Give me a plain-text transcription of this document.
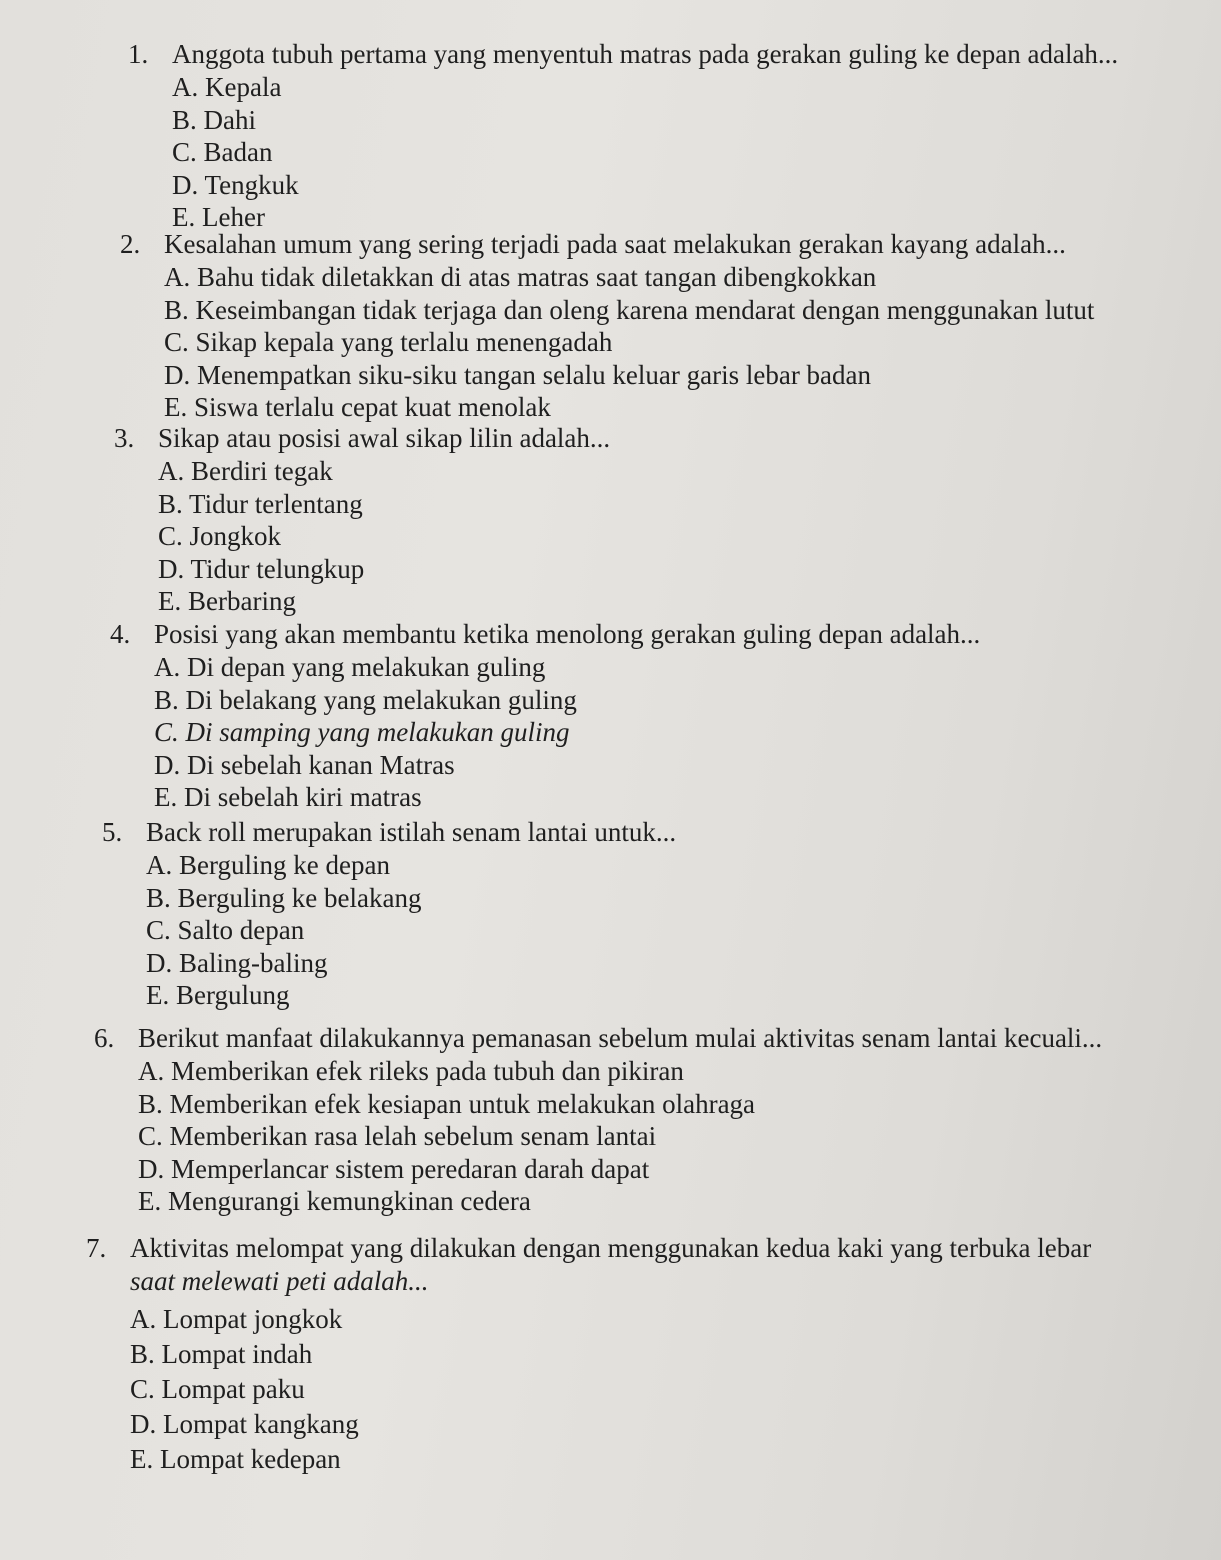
1. Anggota tubuh pertama yang menyentuh matras pada gerakan guling ke depan adalah...
A. Kepala
B. Dahi
C. Badan
D. Tengkuk
E. Leher
2. Kesalahan umum yang sering terjadi pada saat melakukan gerakan kayang adalah...
A. Bahu tidak diletakkan di atas matras saat tangan dibengkokkan
B. Keseimbangan tidak terjaga dan oleng karena mendarat dengan menggunakan lutut
C. Sikap kepala yang terlalu menengadah
D. Menempatkan siku-siku tangan selalu keluar garis lebar badan
E. Siswa terlalu cepat kuat menolak
3. Sikap atau posisi awal sikap lilin adalah...
A. Berdiri tegak
B. Tidur terlentang
C. Jongkok
D. Tidur telungkup
E. Berbaring
4. Posisi yang akan membantu ketika menolong gerakan guling depan adalah...
A. Di depan yang melakukan guling
B. Di belakang yang melakukan guling
C. Di samping yang melakukan guling
D. Di sebelah kanan Matras
E. Di sebelah kiri matras
5. Back roll merupakan istilah senam lantai untuk...
A. Berguling ke depan
B. Berguling ke belakang
C. Salto depan
D. Baling-baling
E. Bergulung
6. Berikut manfaat dilakukannya pemanasan sebelum mulai aktivitas senam lantai kecuali...
A. Memberikan efek rileks pada tubuh dan pikiran
B. Memberikan efek kesiapan untuk melakukan olahraga
C. Memberikan rasa lelah sebelum senam lantai
D. Memperlancar sistem peredaran darah dapat
E. Mengurangi kemungkinan cedera
7. Aktivitas melompat yang dilakukan dengan menggunakan kedua kaki yang terbuka lebar
saat melewati peti adalah...
A. Lompat jongkok
B. Lompat indah
C. Lompat paku
D. Lompat kangkang
E. Lompat kedepan
